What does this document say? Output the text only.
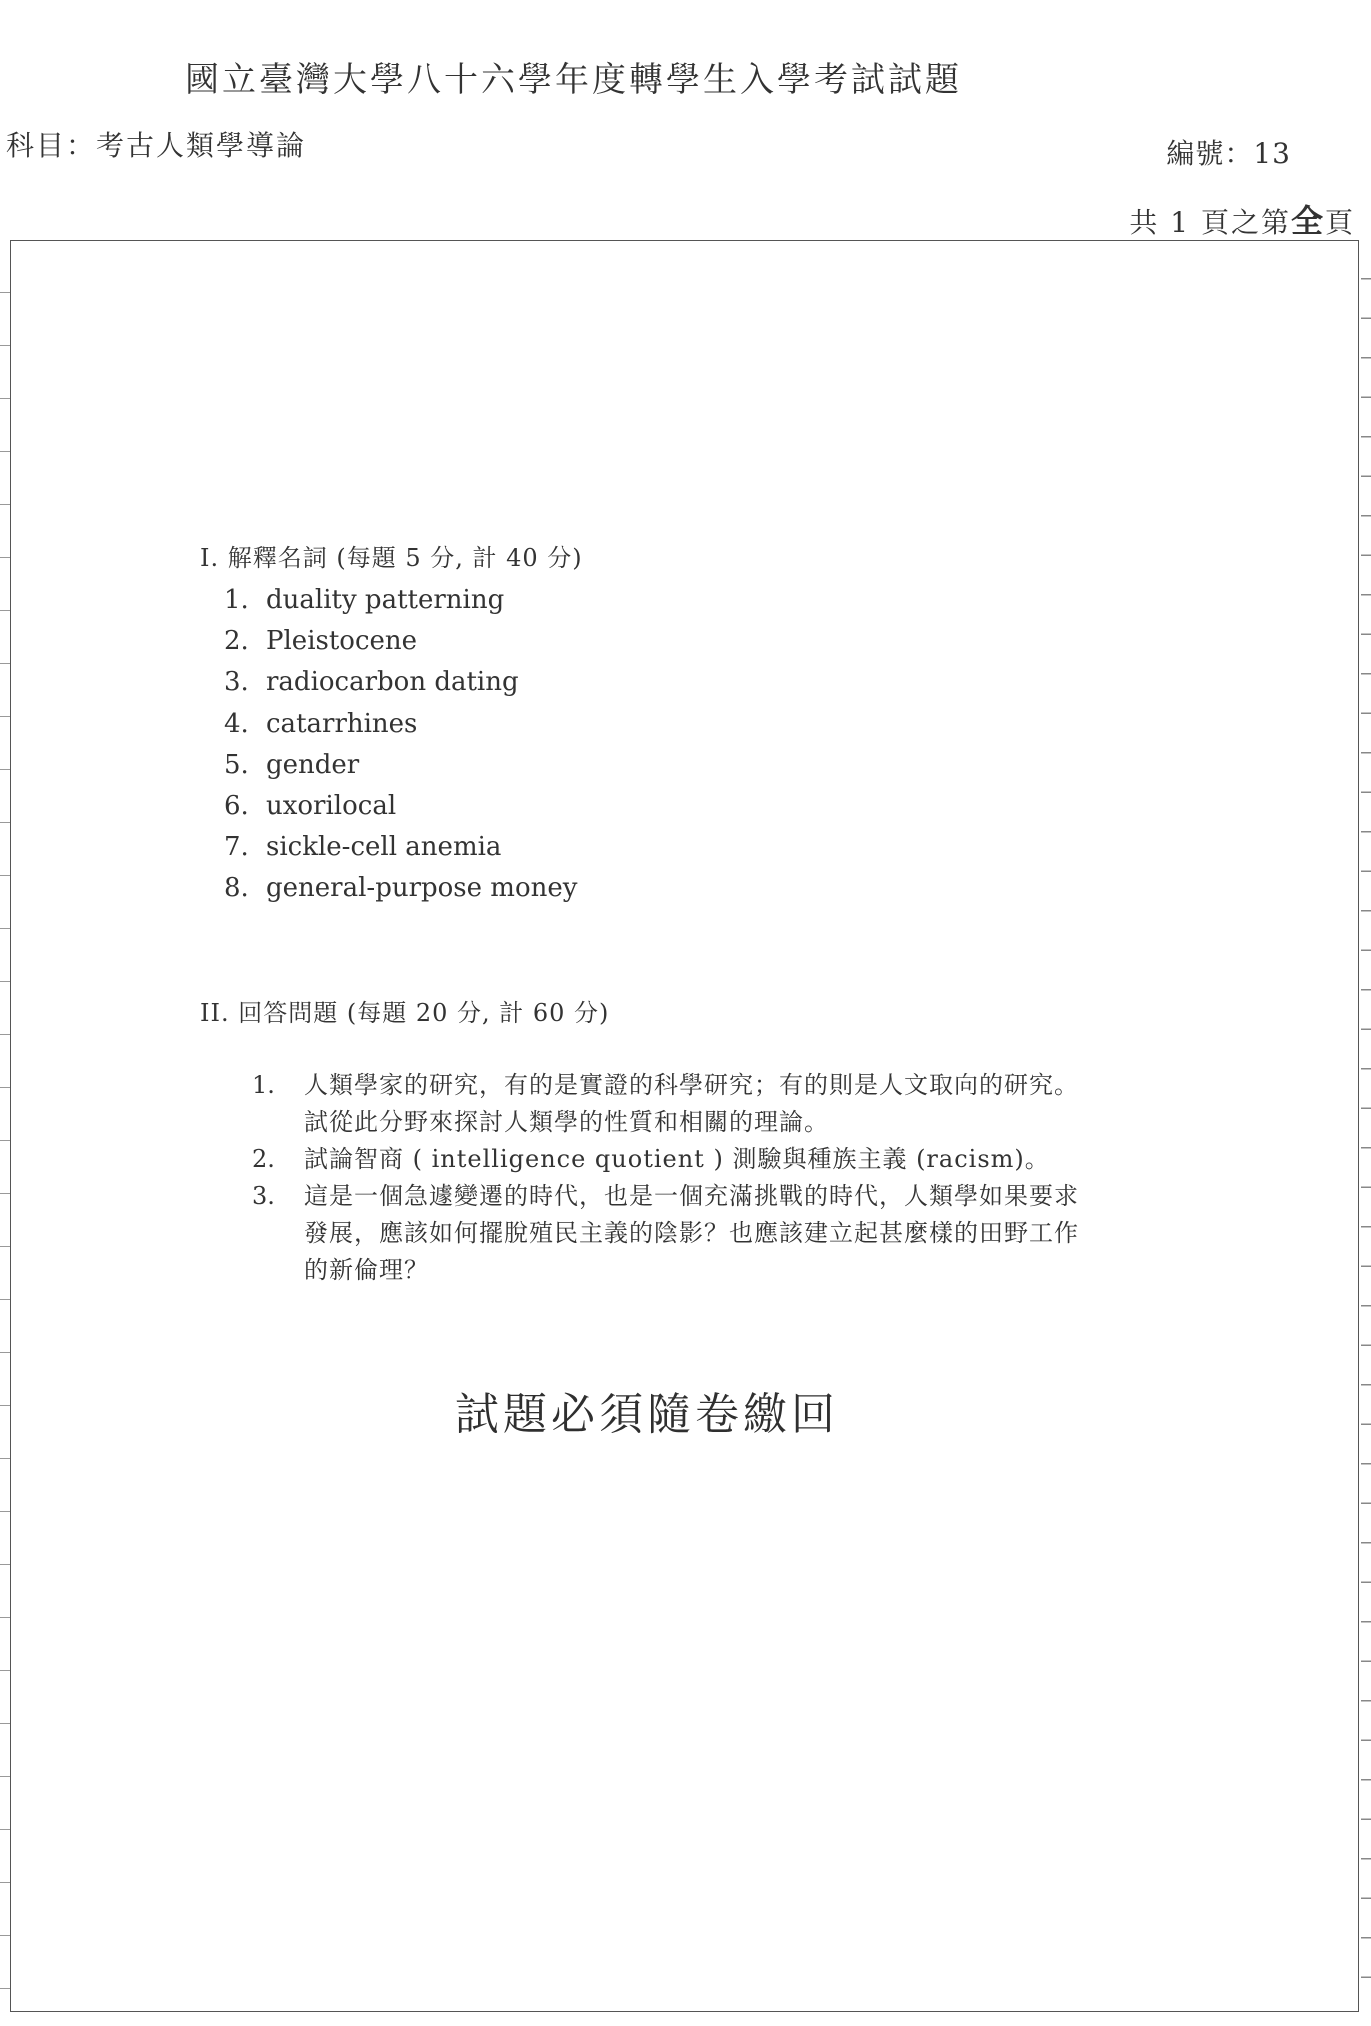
國立臺灣大學八十六學年度轉學生入學考試試題
科目：考古人類學導論	編號：13
共 1 頁之第全頁
I. 解釋名詞 (每題 5 分, 計 40 分)
1. duality patterning
2. Pleistocene
3. radiocarbon dating
4. catarrhines
5. gender
6. uxorilocal
7. sickle-cell anemia
8. general-purpose money
II. 回答問題 (每題 20 分, 計 60 分)
1.	人類學家的研究，有的是實證的科學研究；有的則是人文取向的研究。
試從此分野來探討人類學的性質和相關的理論。
2.	試論智商 ( intelligence quotient ) 測驗與種族主義 (racism)。
3.	這是一個急遽變遷的時代，也是一個充滿挑戰的時代，人類學如果要求
發展，應該如何擺脫殖民主義的陰影？也應該建立起甚麼樣的田野工作
的新倫理？
試題必須隨卷繳回
